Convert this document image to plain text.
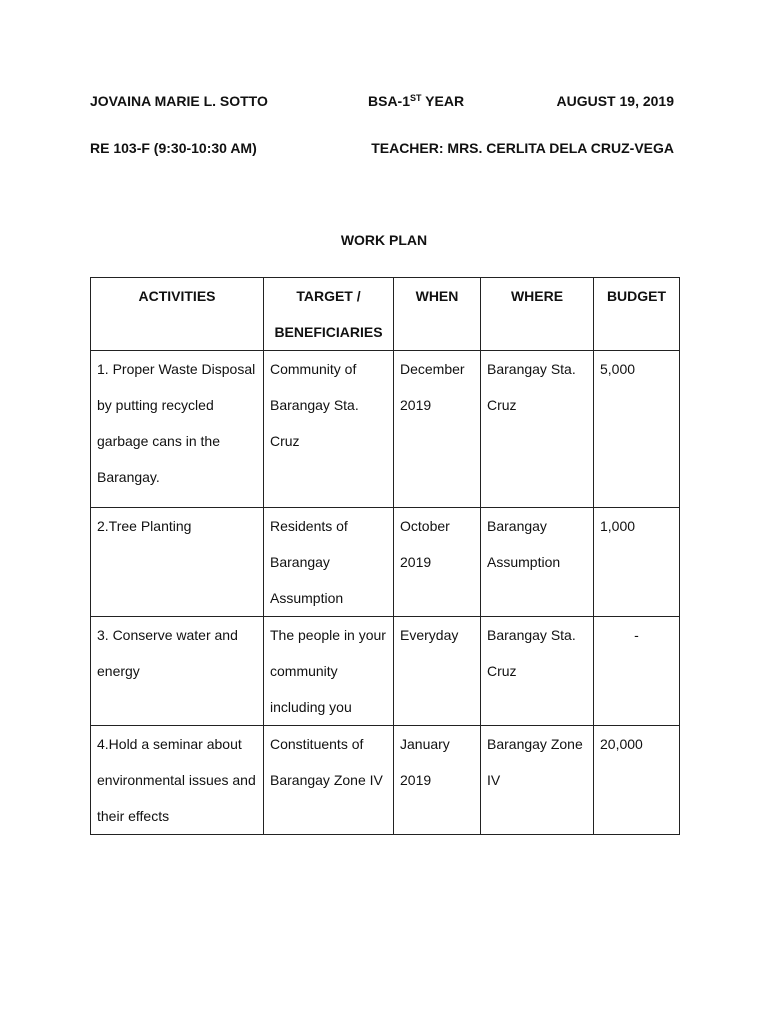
JOVAINA MARIE L. SOTTO	BSA-1ST YEAR	AUGUST 19, 2019
RE 103-F (9:30-10:30 AM)	TEACHER: MRS. CERLITA DELA CRUZ-VEGA
WORK PLAN
ACTIVITIES	TARGET / BENEFICIARIES	WHEN	WHERE	BUDGET
1. Proper Waste Disposal by putting recycled garbage cans in the Barangay.	Community of Barangay Sta. Cruz	December 2019	Barangay Sta. Cruz	5,000
2.Tree Planting	Residents of Barangay Assumption	October 2019	Barangay Assumption	1,000
3. Conserve water and energy	The people in your community including you	Everyday	Barangay Sta. Cruz	-
4.Hold a seminar about environmental issues and their effects	Constituents of Barangay Zone IV	January 2019	Barangay Zone IV	20,000
